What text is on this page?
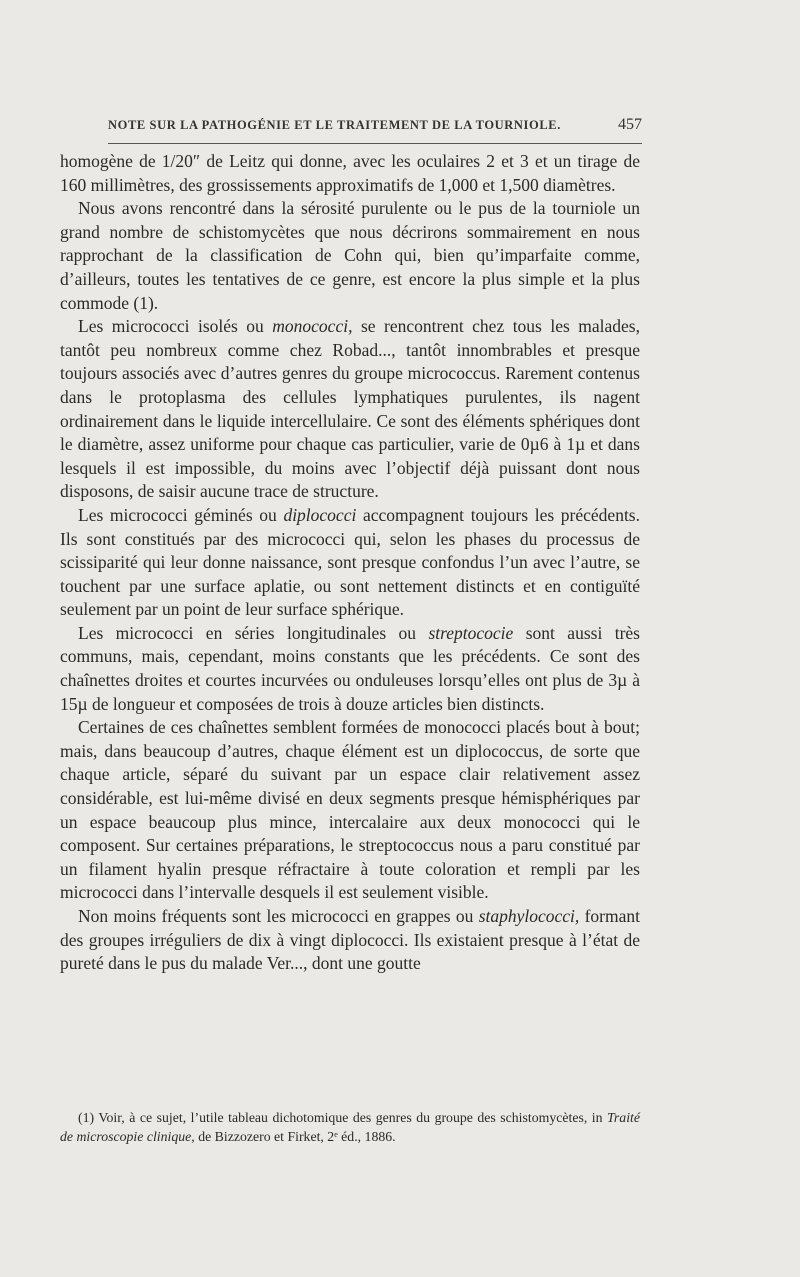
NOTE SUR LA PATHOGÉNIE ET LE TRAITEMENT DE LA TOURNIOLE.	457

homogène de 1/20″ de Leitz qui donne, avec les oculaires 2 et 3 et un tirage de 160 millimètres, des grossissements approximatifs de 1,000 et 1,500 diamètres.

Nous avons rencontré dans la sérosité purulente ou le pus de la tourniole un grand nombre de schistomycètes que nous décrirons sommairement en nous rapprochant de la classification de Cohn qui, bien qu’imparfaite comme, d’ailleurs, toutes les tentatives de ce genre, est encore la plus simple et la plus commode (1).

Les micrococci isolés ou monococci, se rencontrent chez tous les malades, tantôt peu nombreux comme chez Robad..., tantôt innombrables et presque toujours associés avec d’autres genres du groupe micrococcus. Rarement contenus dans le protoplasma des cellules lymphatiques purulentes, ils nagent ordinairement dans le liquide intercellulaire. Ce sont des éléments sphériques dont le diamètre, assez uniforme pour chaque cas particulier, varie de 0µ6 à 1µ et dans lesquels il est impossible, du moins avec l’objectif déjà puissant dont nous disposons, de saisir aucune trace de structure.

Les micrococci géminés ou diplococci accompagnent toujours les précédents. Ils sont constitués par des micrococci qui, selon les phases du processus de scissiparité qui leur donne naissance, sont presque confondus l’un avec l’autre, se touchent par une surface aplatie, ou sont nettement distincts et en contiguïté seulement par un point de leur surface sphérique.

Les micrococci en séries longitudinales ou streptococie sont aussi très communs, mais, cependant, moins constants que les précédents. Ce sont des chaînettes droites et courtes incurvées ou onduleuses lorsqu’elles ont plus de 3µ à 15µ de longueur et composées de trois à douze articles bien distincts.

Certaines de ces chaînettes semblent formées de monococci placés bout à bout; mais, dans beaucoup d’autres, chaque élément est un diplococcus, de sorte que chaque article, séparé du suivant par un espace clair relativement assez considérable, est lui-même divisé en deux segments presque hémisphériques par un espace beaucoup plus mince, intercalaire aux deux monococci qui le composent. Sur certaines préparations, le streptococcus nous a paru constitué par un filament hyalin presque réfractaire à toute coloration et rempli par les micrococci dans l’intervalle desquels il est seulement visible.

Non moins fréquents sont les micrococci en grappes ou staphylococci, formant des groupes irréguliers de dix à vingt diplococci. Ils existaient presque à l’état de pureté dans le pus du malade Ver..., dont une goutte

(1) Voir, à ce sujet, l’utile tableau dichotomique des genres du groupe des schistomycètes, in Traité de microscopie clinique, de Bizzozero et Firket, 2ᵉ éd., 1886.
